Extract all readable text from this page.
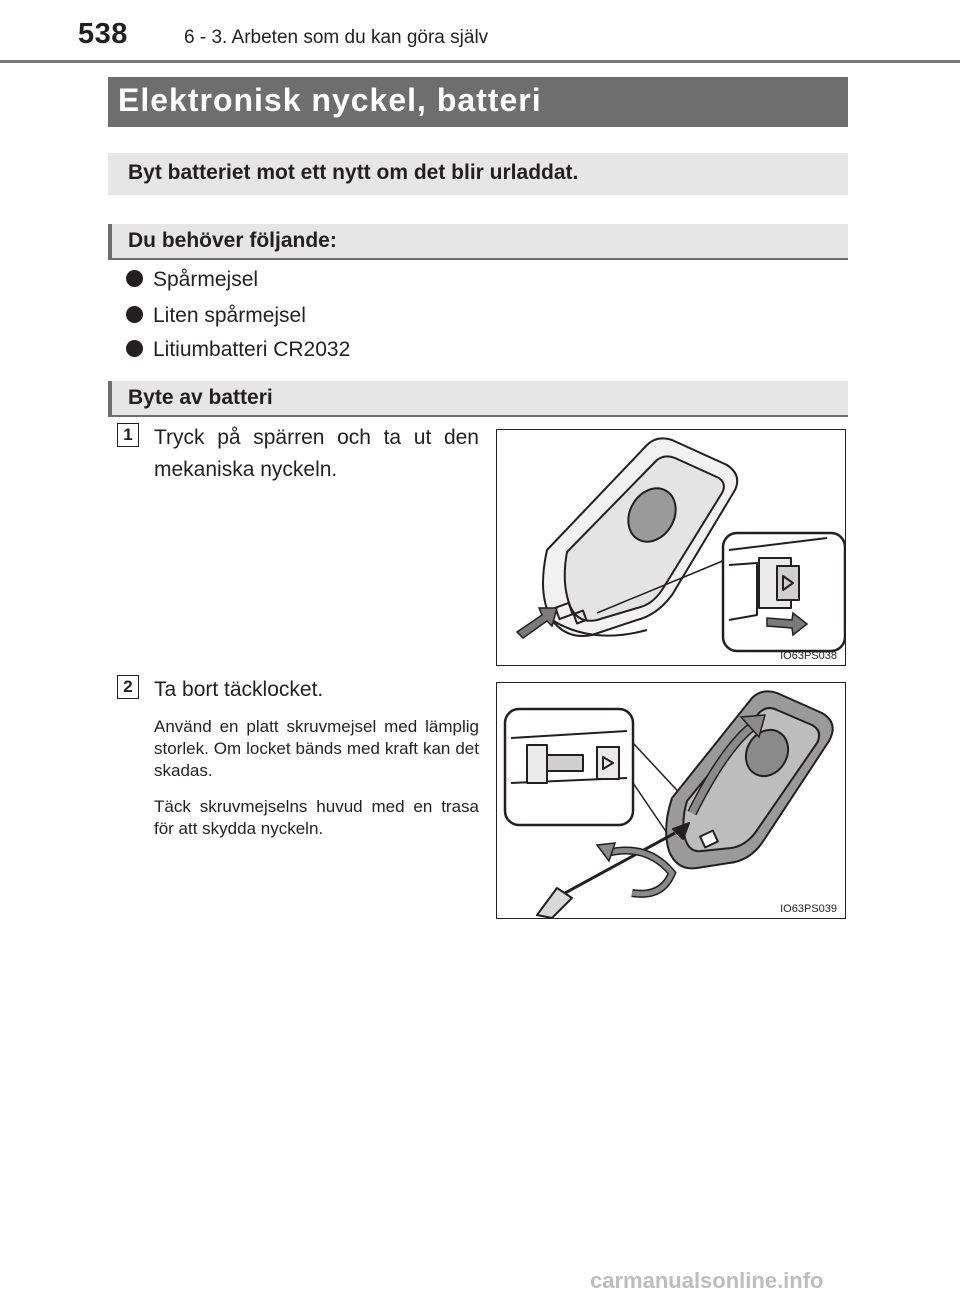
538	6 - 3. Arbeten som du kan göra själv
Elektronisk nyckel, batteri
Byt batteriet mot ett nytt om det blir urladdat.
Du behöver följande:
Spårmejsel
Liten spårmejsel
Litiumbatteri CR2032
Byte av batteri
1 Tryck på spärren och ta ut den mekaniska nyckeln.
IO63PS038
2 Ta bort täcklocket.
Använd en platt skruvmejsel med lämplig storlek. Om locket bänds med kraft kan det skadas.
Täck skruvmejselns huvud med en trasa för att skydda nyckeln.
IO63PS039
carmanualsonline.info
